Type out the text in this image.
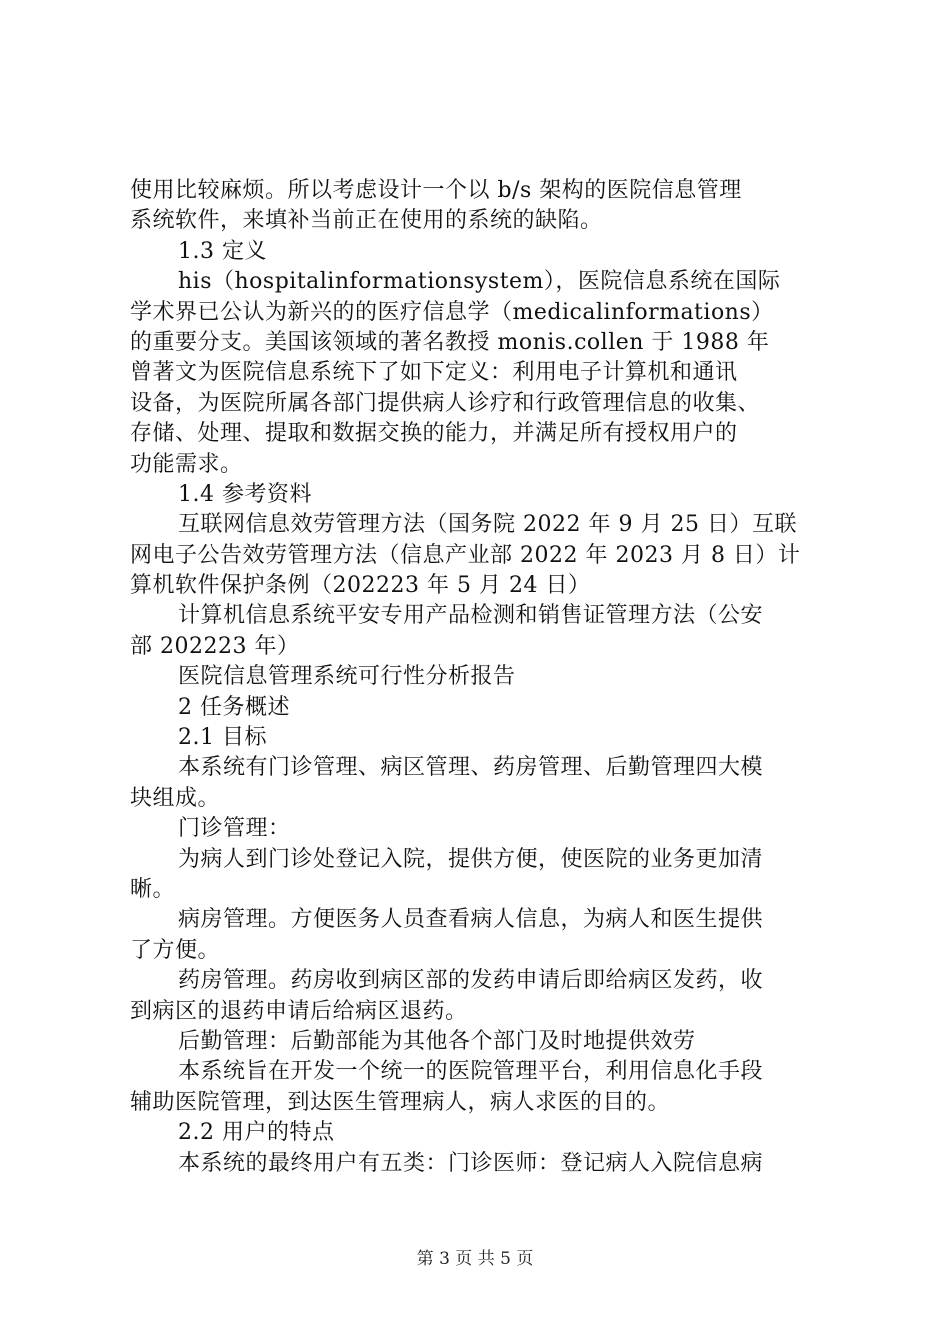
使用比较麻烦。所以考虑设计一个以 b/s 架构的医院信息管理
系统软件，来填补当前正在使用的系统的缺陷。
1.3 定义
his（hospitalinformationsystem），医院信息系统在国际
学术界已公认为新兴的的医疗信息学（medicalinformations）
的重要分支。美国该领域的著名教授 monis.collen 于 1988 年
曾著文为医院信息系统下了如下定义：利用电子计算机和通讯
设备，为医院所属各部门提供病人诊疗和行政管理信息的收集、
存储、处理、提取和数据交换的能力，并满足所有授权用户的
功能需求。
1.4 参考资料
互联网信息效劳管理方法（国务院 2022 年 9 月 25 日）互联
网电子公告效劳管理方法（信息产业部 2022 年 2023 月 8 日）计
算机软件保护条例（202223 年 5 月 24 日）
计算机信息系统平安专用产品检测和销售证管理方法（公安
部 202223 年）
医院信息管理系统可行性分析报告
2 任务概述
2.1 目标
本系统有门诊管理、病区管理、药房管理、后勤管理四大模
块组成。
门诊管理：
为病人到门诊处登记入院，提供方便，使医院的业务更加清
晰。
病房管理。方便医务人员查看病人信息，为病人和医生提供
了方便。
药房管理。药房收到病区部的发药申请后即给病区发药，收
到病区的退药申请后给病区退药。
后勤管理：后勤部能为其他各个部门及时地提供效劳
本系统旨在开发一个统一的医院管理平台，利用信息化手段
辅助医院管理，到达医生管理病人，病人求医的目的。
2.2 用户的特点
本系统的最终用户有五类：门诊医师：登记病人入院信息病
第 3 页 共 5 页
